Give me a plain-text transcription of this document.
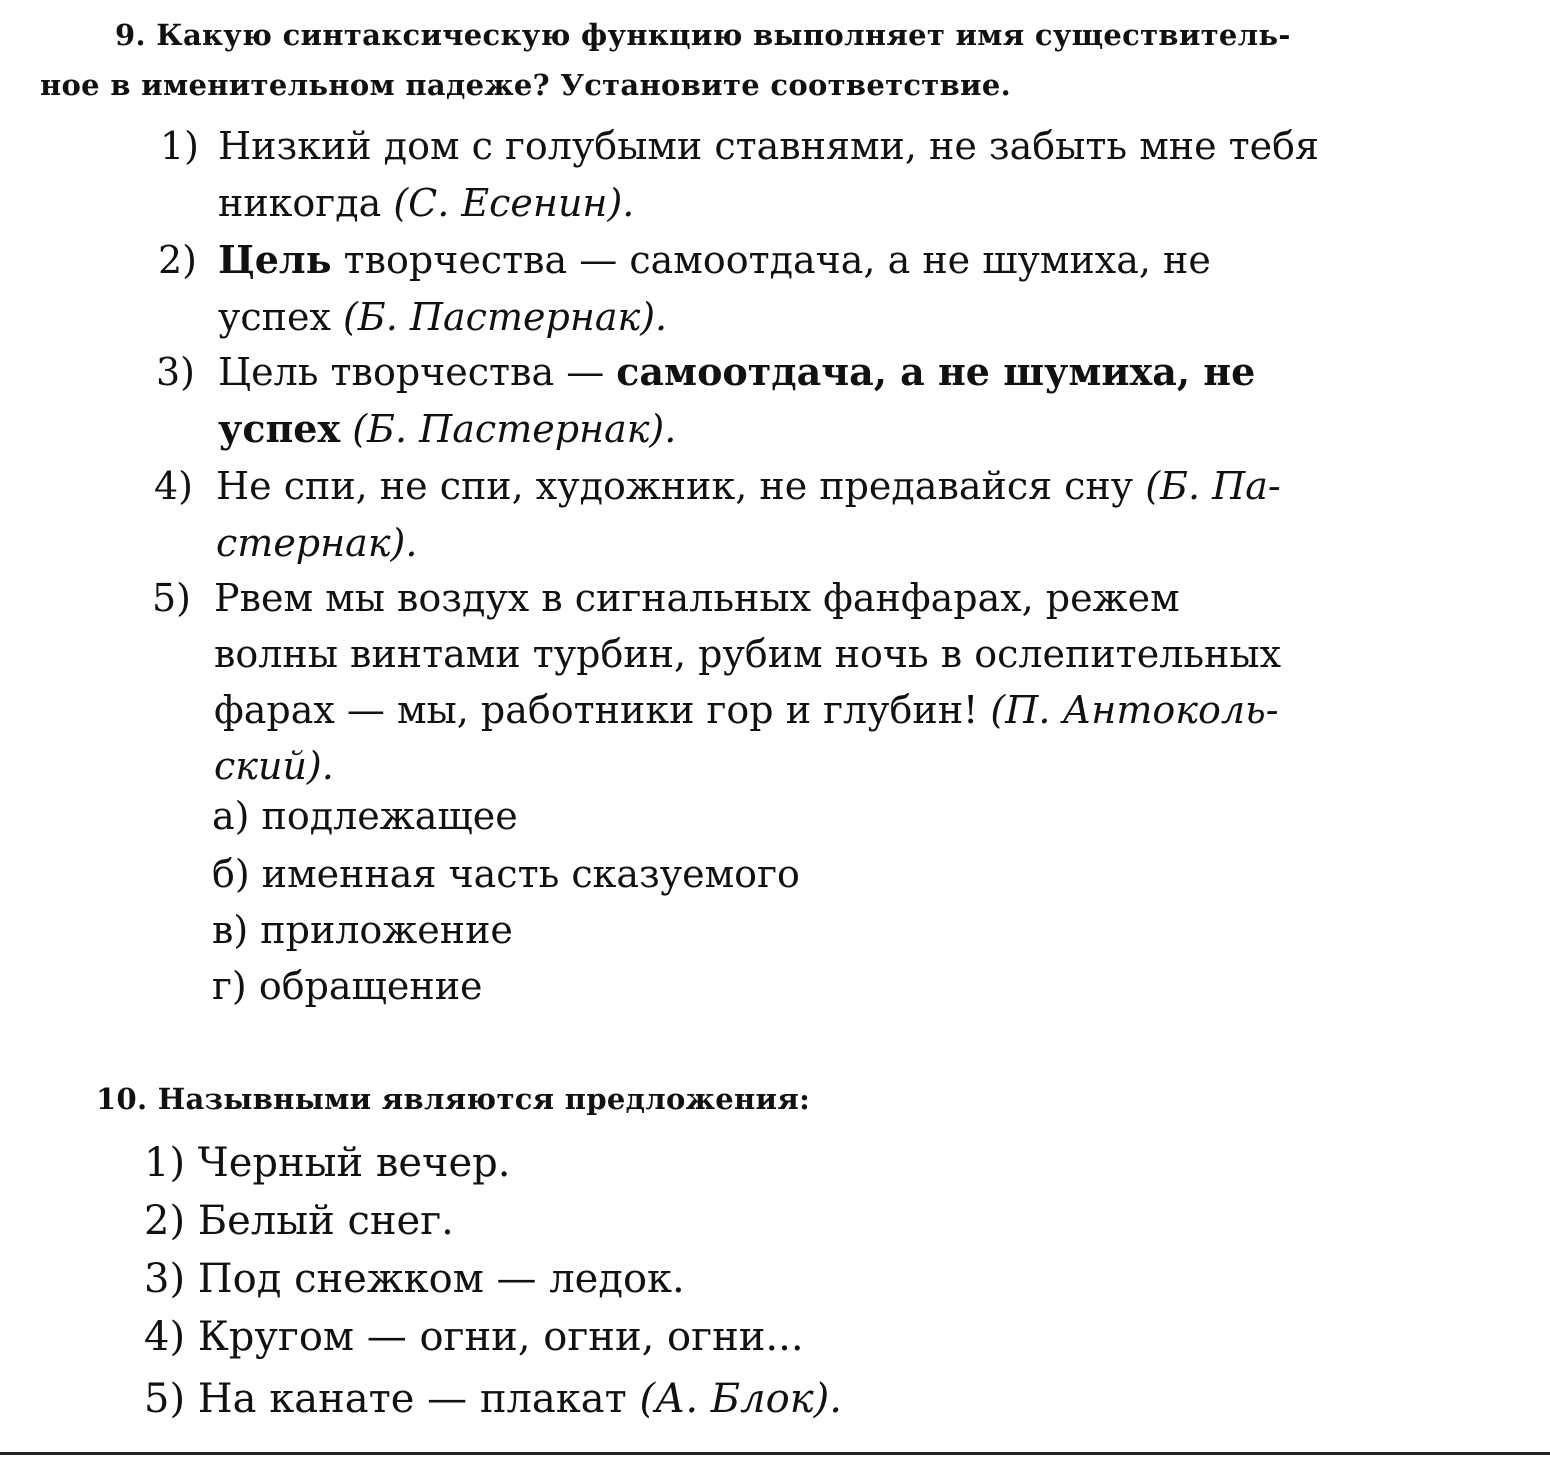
9. Какую синтаксическую функцию выполняет имя существитель-
ное в именительном падеже? Установите соответствие.
1) Низкий дом с голубыми ставнями, не забыть мне тебя
никогда (С. Есенин).
2) Цель творчества — самоотдача, а не шумиха, не
успех (Б. Пастернак).
3) Цель творчества — самоотдача, а не шумиха, не
успех (Б. Пастернак).
4) Не спи, не спи, художник, не предавайся сну (Б. Па-
стернак).
5) Рвем мы воздух в сигнальных фанфарах, режем
волны винтами турбин, рубим ночь в ослепительных
фарах — мы, работники гор и глубин! (П. Антоколь-
ский).
а) подлежащее
б) именная часть сказуемого
в) приложение
г) обращение
10. Назывными являются предложения:
1) Черный вечер.
2) Белый снег.
3) Под снежком — ледок.
4) Кругом — огни, огни, огни...
5) На канате — плакат (А. Блок).
